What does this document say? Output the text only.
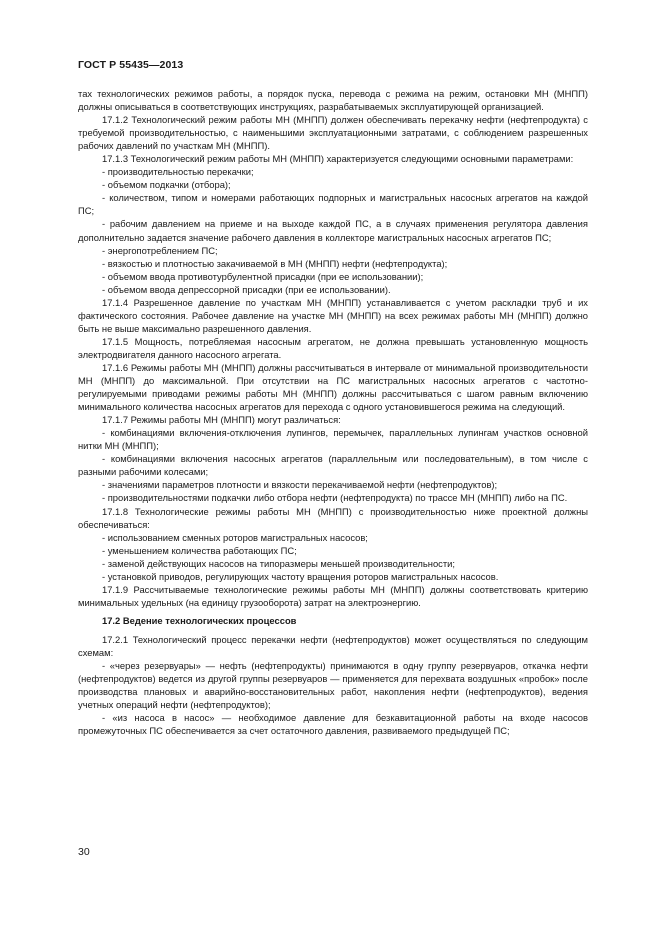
ГОСТ Р 55435—2013

тах технологических режимов работы, а порядок пуска, перевода с режима на режим, остановки МН (МНПП) должны описываться в соответствующих инструкциях, разрабатываемых эксплуатирующей организацией.

17.1.2 Технологический режим работы МН (МНПП) должен обеспечивать перекачку нефти (нефтепродукта) с требуемой производительностью, с наименьшими эксплуатационными затратами, с соблюдением разрешенных рабочих давлений по участкам МН (МНПП).

17.1.3 Технологический режим работы МН (МНПП) характеризуется следующими основными параметрами:

- производительностью перекачки;

- объемом подкачки (отбора);

- количеством, типом и номерами работающих подпорных и магистральных насосных агрегатов на каждой ПС;

- рабочим давлением на приеме и на выходе каждой ПС, а в случаях применения регулятора давления дополнительно задается значение рабочего давления в коллекторе магистральных насосных агрегатов ПС;

- энергопотреблением ПС;

- вязкостью и плотностью закачиваемой в МН (МНПП) нефти (нефтепродукта);

- объемом ввода противотурбулентной присадки (при ее использовании);

- объемом ввода депрессорной присадки (при ее использовании).

17.1.4 Разрешенное давление по участкам МН (МНПП) устанавливается с учетом раскладки труб и их фактического состояния. Рабочее давление на участке МН (МНПП) на всех режимах работы МН (МНПП) должно быть не выше максимально разрешенного давления.

17.1.5 Мощность, потребляемая насосным агрегатом, не должна превышать установленную мощность электродвигателя данного насосного агрегата.

17.1.6 Режимы работы МН (МНПП) должны рассчитываться в интервале от минимальной производительности МН (МНПП) до максимальной. При отсутствии на ПС магистральных насосных агрегатов с частотно-регулируемыми приводами режимы работы МН (МНПП) должны рассчитываться с шагом равным включению минимального количества насосных агрегатов для перехода с одного установившегося режима на следующий.

17.1.7 Режимы работы МН (МНПП) могут различаться:

- комбинациями включения-отключения лупингов, перемычек, параллельных лупингам участков основной нитки МН (МНПП);

- комбинациями включения насосных агрегатов (параллельным или последовательным), в том числе с разными рабочими колесами;

- значениями параметров плотности и вязкости перекачиваемой нефти (нефтепродуктов);

- производительностями подкачки либо отбора нефти (нефтепродукта) по трассе МН (МНПП) либо на ПС.

17.1.8 Технологические режимы работы МН (МНПП) с производительностью ниже проектной должны обеспечиваться:

- использованием сменных роторов магистральных насосов;

- уменьшением количества работающих ПС;

- заменой действующих насосов на типоразмеры меньшей производительности;

- установкой приводов, регулирующих частоту вращения роторов магистральных насосов.

17.1.9 Рассчитываемые технологические режимы работы МН (МНПП) должны соответствовать критерию минимальных удельных (на единицу грузооборота) затрат на электроэнергию.

17.2 Ведение технологических процессов

17.2.1 Технологический процесс перекачки нефти (нефтепродуктов) может осуществляться по следующим схемам:

- «через резервуары» — нефть (нефтепродукты) принимаются в одну группу резервуаров, откачка нефти (нефтепродуктов) ведется из другой группы резервуаров — применяется для перехвата воздушных «пробок» после производства плановых и аварийно-восстановительных работ, накопления нефти (нефтепродуктов), ведения учетных операций нефти (нефтепродуктов);

- «из насоса в насос» — необходимое давление для безкавитационной работы на входе насосов промежуточных ПС обеспечивается за счет остаточного давления, развиваемого предыдущей ПС;

30
